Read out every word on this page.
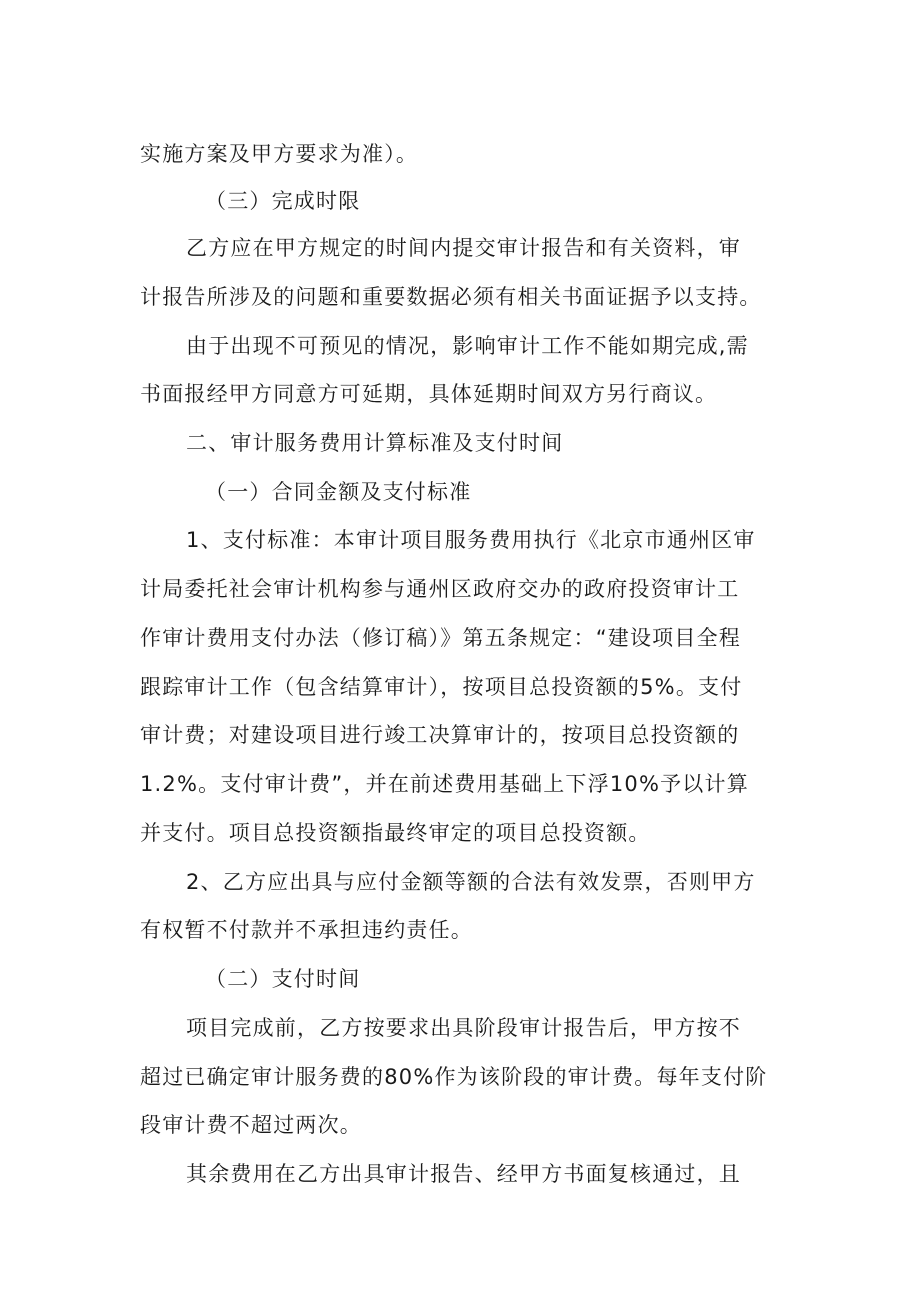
实施方案及甲方要求为准）。
（三）完成时限
乙方应在甲方规定的时间内提交审计报告和有关资料，审
计报告所涉及的问题和重要数据必须有相关书面证据予以支持。
由于出现不可预见的情况，影响审计工作不能如期完成,需
书面报经甲方同意方可延期，具体延期时间双方另行商议。
二、审计服务费用计算标准及支付时间
（一）合同金额及支付标准
1、支付标准：本审计项目服务费用执行《北京市通州区审
计局委托社会审计机构参与通州区政府交办的政府投资审计工
作审计费用支付办法（修订稿）》第五条规定：“建设项目全程
跟踪审计工作（包含结算审计），按项目总投资额的5%。支付
审计费；对建设项目进行竣工决算审计的，按项目总投资额的
1.2%。支付审计费”，并在前述费用基础上下浮10%予以计算
并支付。项目总投资额指最终审定的项目总投资额。
2、乙方应出具与应付金额等额的合法有效发票，否则甲方
有权暂不付款并不承担违约责任。
（二）支付时间
项目完成前，乙方按要求出具阶段审计报告后，甲方按不
超过已确定审计服务费的80%作为该阶段的审计费。每年支付阶
段审计费不超过两次。
其余费用在乙方出具审计报告、经甲方书面复核通过，且
